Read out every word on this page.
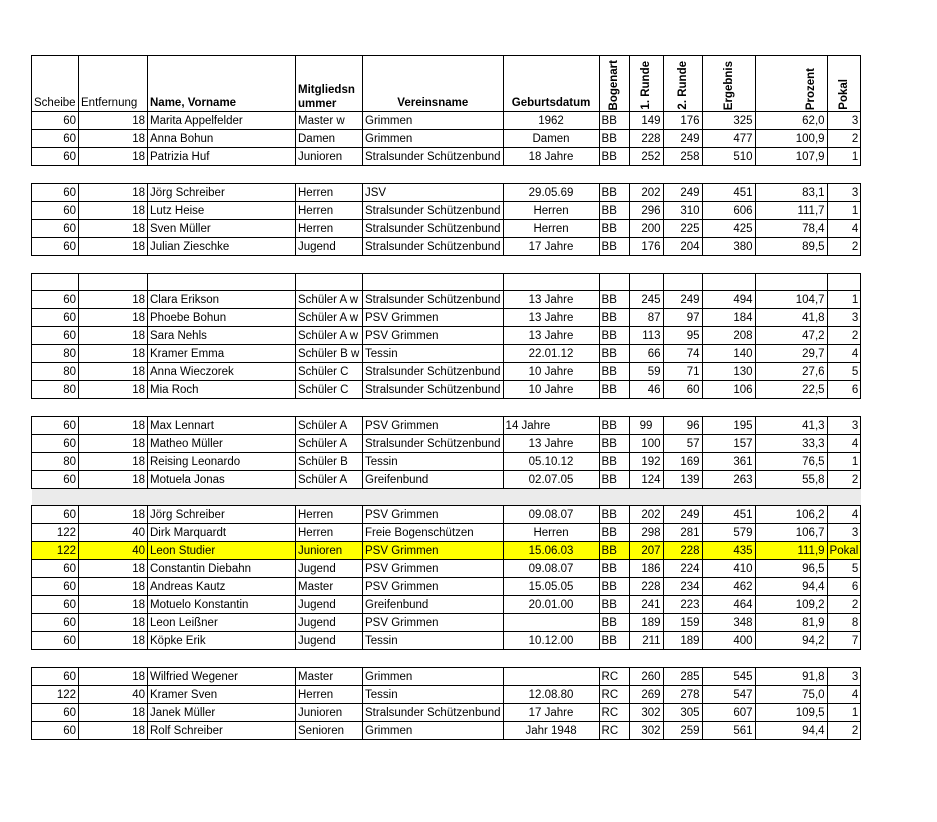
Scheibe	Entfernung	Name, Vorname	Mitgliedsn ummer	Vereinsname	Geburtsdatum	Bogenart	1. Runde	2. Runde	Ergebnis	Prozent	Pokal

60	18	Marita Appelfelder	Master w	Grimmen	1962	BB	149	176	325	62,0	3
60	18	Anna Bohun	Damen	Grimmen	Damen	BB	228	249	477	100,9	2
60	18	Patrizia Huf	Junioren	Stralsunder Schützenbund	18 Jahre	BB	252	258	510	107,9	1

60	18	Jörg Schreiber	Herren	JSV	29.05.69	BB	202	249	451	83,1	3
60	18	Lutz Heise	Herren	Stralsunder Schützenbund	Herren	BB	296	310	606	111,7	1
60	18	Sven Müller	Herren	Stralsunder Schützenbund	Herren	BB	200	225	425	78,4	4
60	18	Julian Zieschke	Jugend	Stralsunder Schützenbund	17 Jahre	BB	176	204	380	89,5	2

60	18	Clara Erikson	Schüler A w	Stralsunder Schützenbund	13 Jahre	BB	245	249	494	104,7	1
60	18	Phoebe Bohun	Schüler A w	PSV Grimmen	13 Jahre	BB	87	97	184	41,8	3
60	18	Sara Nehls	Schüler A w	PSV Grimmen	13 Jahre	BB	113	95	208	47,2	2
80	18	Kramer Emma	Schüler B w	Tessin	22.01.12	BB	66	74	140	29,7	4
80	18	Anna Wieczorek	Schüler C	Stralsunder Schützenbund	10 Jahre	BB	59	71	130	27,6	5
80	18	Mia Roch	Schüler C	Stralsunder Schützenbund	10 Jahre	BB	46	60	106	22,5	6

60	18	Max Lennart	Schüler A	PSV Grimmen	14 Jahre	BB	99	96	195	41,3	3
60	18	Matheo Müller	Schüler A	Stralsunder Schützenbund	13 Jahre	BB	100	57	157	33,3	4
80	18	Reising Leonardo	Schüler B	Tessin	05.10.12	BB	192	169	361	76,5	1
60	18	Motuela Jonas	Schüler A	Greifenbund	02.07.05	BB	124	139	263	55,8	2

60	18	Jörg Schreiber	Herren	PSV Grimmen	09.08.07	BB	202	249	451	106,2	4
122	40	Dirk Marquardt	Herren	Freie Bogenschützen	Herren	BB	298	281	579	106,7	3
122	40	Leon Studier	Junioren	PSV Grimmen	15.06.03	BB	207	228	435	111,9	Pokal
60	18	Constantin Diebahn	Jugend	PSV Grimmen	09.08.07	BB	186	224	410	96,5	5
60	18	Andreas Kautz	Master	PSV Grimmen	15.05.05	BB	228	234	462	94,4	6
60	18	Motuelo Konstantin	Jugend	Greifenbund	20.01.00	BB	241	223	464	109,2	2
60	18	Leon Leißner	Jugend	PSV Grimmen		BB	189	159	348	81,9	8
60	18	Köpke Erik	Jugend	Tessin	10.12.00	BB	211	189	400	94,2	7

60	18	Wilfried Wegener	Master	Grimmen		RC	260	285	545	91,8	3
122	40	Kramer Sven	Herren	Tessin	12.08.80	RC	269	278	547	75,0	4
60	18	Janek Müller	Junioren	Stralsunder Schützenbund	17 Jahre	RC	302	305	607	109,5	1
60	18	Rolf Schreiber	Senioren	Grimmen	Jahr 1948	RC	302	259	561	94,4	2
